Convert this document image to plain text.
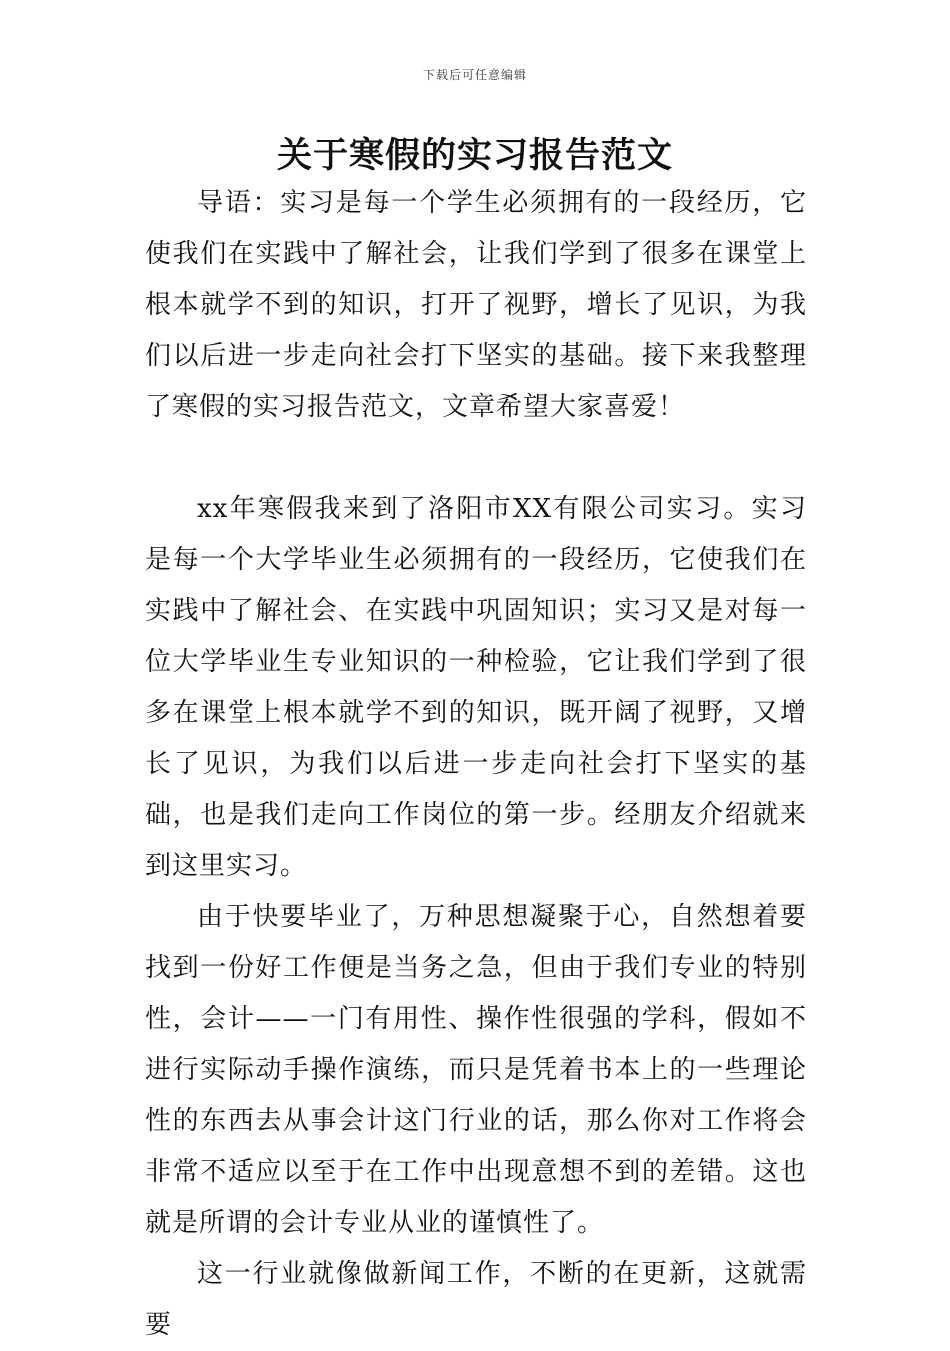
下载后可任意编辑
关于寒假的实习报告范文

导语：实习是每一个学生必须拥有的一段经历，它使我们在实践中了解社会，让我们学到了很多在课堂上根本就学不到的知识，打开了视野，增长了见识，为我们以后进一步走向社会打下坚实的基础。接下来我整理了寒假的实习报告范文，文章希望大家喜爱！

xx年寒假我来到了洛阳市XX有限公司实习。实习是每一个大学毕业生必须拥有的一段经历，它使我们在实践中了解社会、在实践中巩固知识；实习又是对每一位大学毕业生专业知识的一种检验，它让我们学到了很多在课堂上根本就学不到的知识，既开阔了视野，又增长了见识，为我们以后进一步走向社会打下坚实的基础，也是我们走向工作岗位的第一步。经朋友介绍就来到这里实习。

由于快要毕业了，万种思想凝聚于心，自然想着要找到一份好工作便是当务之急，但由于我们专业的特别性，会计——一门有用性、操作性很强的学科，假如不进行实际动手操作演练，而只是凭着书本上的一些理论性的东西去从事会计这门行业的话，那么你对工作将会非常不适应以至于在工作中出现意想不到的差错。这也就是所谓的会计专业从业的谨慎性了。

这一行业就像做新闻工作，不断的在更新，这就需要
